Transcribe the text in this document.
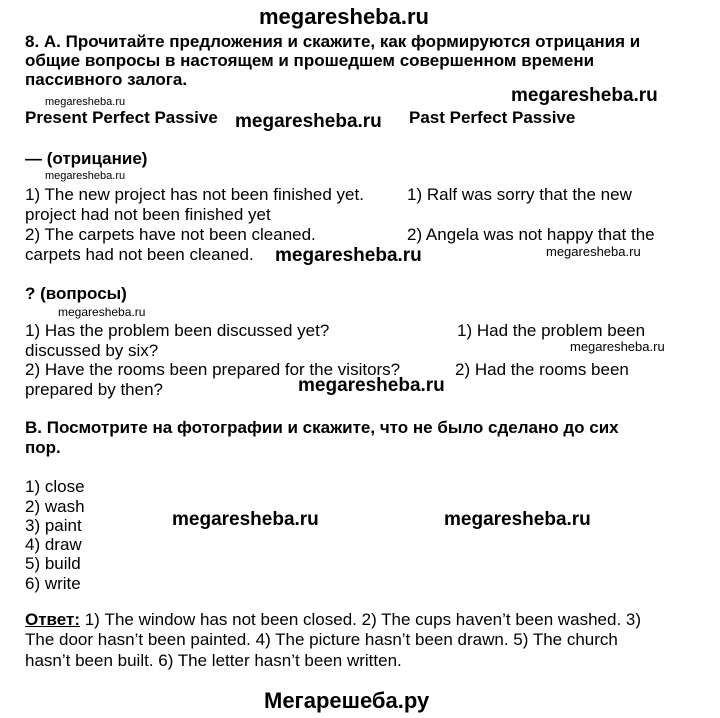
megaresheba.ru
8. А. Прочитайте предложения и скажите, как формируются отрицания и
общие вопросы в настоящем и прошедшем совершенном времени
пассивного залога.
megaresheba.ru	megaresheba.ru
Present Perfect Passive megaresheba.ru Past Perfect Passive
— (отрицание)
megaresheba.ru
1) The new project has not been finished yet.	1) Ralf was sorry that the new
project had not been finished yet
2) The carpets have not been cleaned.	2) Angela was not happy that the
carpets had not been cleaned. megaresheba.ru	megaresheba.ru
? (вопросы)
megaresheba.ru
1) Has the problem been discussed yet?	1) Had the problem been
discussed by six?	megaresheba.ru
2) Have the rooms been prepared for the visitors?	2) Had the rooms been
prepared by then?	megaresheba.ru
В. Посмотрите на фотографии и скажите, что не было сделано до сих
пор.
1) close
2) wash
3) paint
4) draw
5) build
6) write
megaresheba.ru	megaresheba.ru
Ответ: 1) The window has not been closed. 2) The cups haven’t been washed. 3)
The door hasn’t been painted. 4) The picture hasn’t been drawn. 5) The church
hasn’t been built. 6) The letter hasn’t been written.
Мегарешеба.ру
